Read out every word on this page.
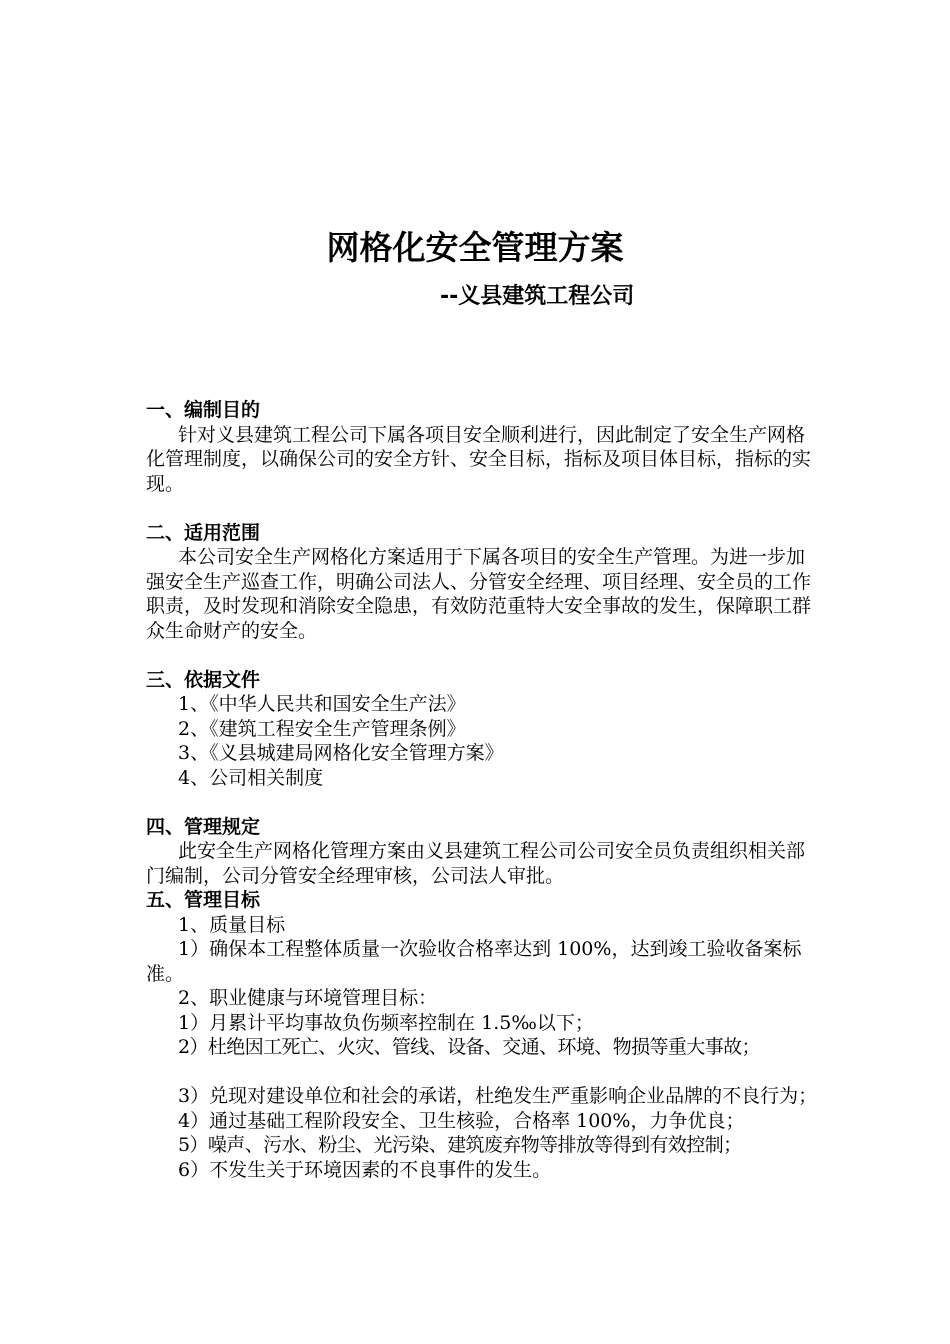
网格化安全管理方案
--义县建筑工程公司

一、编制目的

针对义县建筑工程公司下属各项目安全顺利进行，因此制定了安全生产网格化管理制度，以确保公司的安全方针、安全目标，指标及项目体目标，指标的实现。

二、适用范围

本公司安全生产网格化方案适用于下属各项目的安全生产管理。为进一步加强安全生产巡查工作，明确公司法人、分管安全经理、项目经理、安全员的工作职责，及时发现和消除安全隐患，有效防范重特大安全事故的发生，保障职工群众生命财产的安全。

三、依据文件

1、《中华人民共和国安全生产法》

2、《建筑工程安全生产管理条例》

3、《义县城建局网格化安全管理方案》

4、公司相关制度

四、管理规定

此安全生产网格化管理方案由义县建筑工程公司公司安全员负责组织相关部门编制，公司分管安全经理审核，公司法人审批。

五、管理目标

1、质量目标

1）确保本工程整体质量一次验收合格率达到 100%，达到竣工验收备案标准。

2、职业健康与环境管理目标：

1）月累计平均事故负伤频率控制在 1.5‰以下；

2）杜绝因工死亡、火灾、管线、设备、交通、环境、物损等重大事故；

3）兑现对建设单位和社会的承诺，杜绝发生严重影响企业品牌的不良行为；

4）通过基础工程阶段安全、卫生核验，合格率 100%，力争优良；

5）噪声、污水、粉尘、光污染、建筑废弃物等排放等得到有效控制；

6）不发生关于环境因素的不良事件的发生。
